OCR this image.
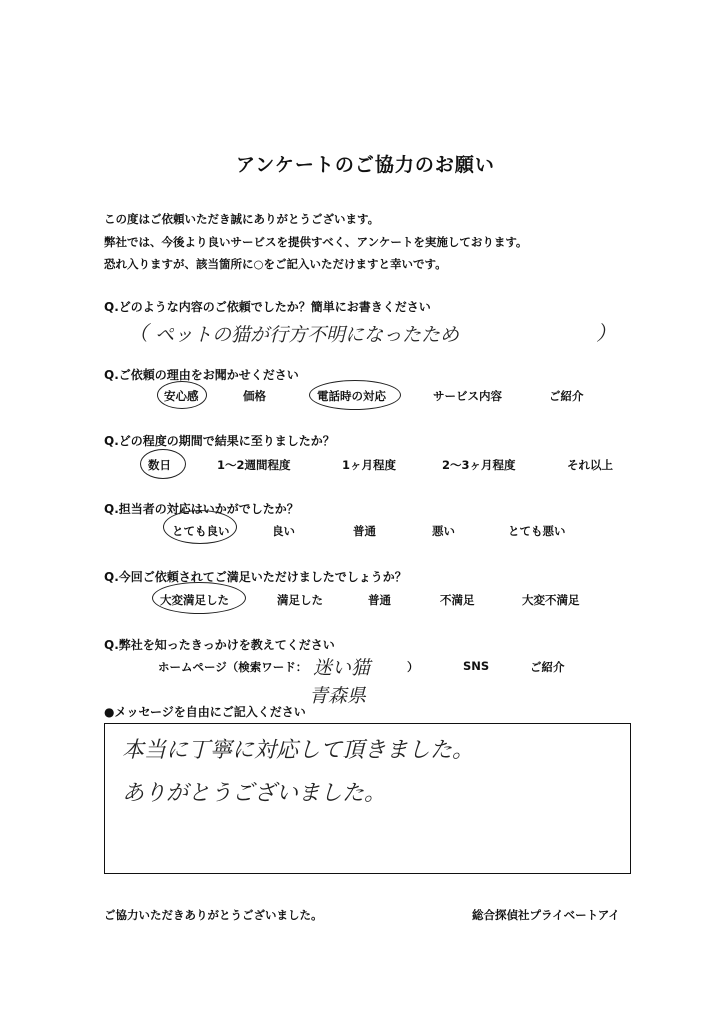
アンケートのご協力のお願い
この度はご依頼いただき誠にありがとうございます。
弊社では、今後より良いサービスを提供すべく、アンケートを実施しております。
恐れ入りますが、該当箇所に○をご記入いただけますと幸いです。
Q.どのような内容のご依頼でしたか？簡単にお書きください
（ ペットの猫が行方不明になったため	）
Q.ご依頼の理由をお聞かせください
安心感	価格	電話時の対応	サービス内容	ご紹介
Q.どの程度の期間で結果に至りましたか？
数日	1～2週間程度	1ヶ月程度	2～3ヶ月程度	それ以上
Q.担当者の対応はいかがでしたか？
とても良い	良い	普通	悪い	とても悪い
Q.今回ご依頼されてご満足いただけましたでしょうか？
大変満足した	満足した	普通	不満足	大変不満足
Q.弊社を知ったきっかけを教えてください
ホームページ（検索ワード： 迷い猫
青森県
）	SNS	ご紹介
●メッセージを自由にご記入ください
本当に丁寧に対応して頂きました。
ありがとうございました。
ご協力いただきありがとうございました。	総合探偵社プライベートアイ
